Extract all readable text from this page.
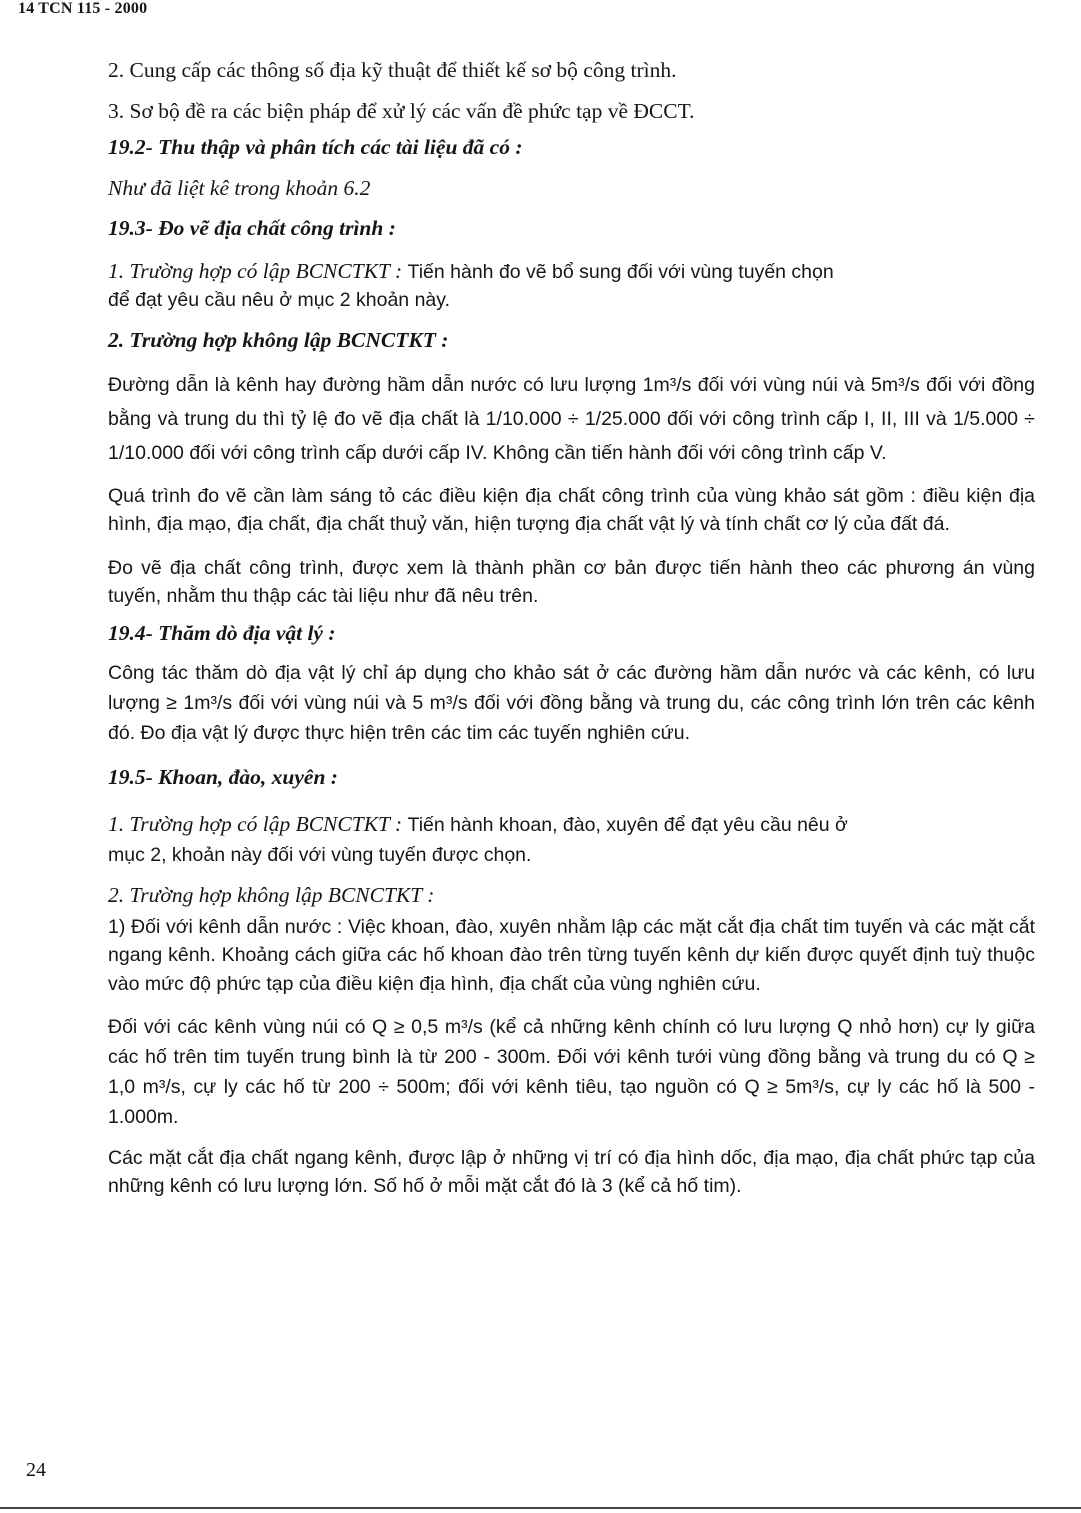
14 TCN 115 - 2000

2. Cung cấp các thông số địa kỹ thuật để thiết kế sơ bộ công trình.

3. Sơ bộ đề ra các biện pháp để xử lý các vấn đề phức tạp về ĐCCT.

19.2- Thu thập và phân tích các tài liệu đã có :

Như đã liệt kê trong khoản 6.2

19.3- Đo vẽ địa chất công trình :

1. Trường hợp có lập BCNCTKT : Tiến hành đo vẽ bổ sung đối với vùng tuyến chọn

để đạt yêu cầu nêu ở mục 2 khoản này.

2. Trường hợp không lập BCNCTKT :

Đường dẫn là kênh hay đường hầm dẫn nước có lưu lượng 1m³/s đối với vùng núi và 5m³/s đối với đồng bằng và trung du thì tỷ lệ đo vẽ địa chất là 1/10.000 ÷ 1/25.000 đối với công trình cấp I, II, III và 1/5.000 ÷ 1/10.000 đối với công trình cấp dưới cấp IV. Không cần tiến hành đối với công trình cấp V.

Quá trình đo vẽ cần làm sáng tỏ các điều kiện địa chất công trình của vùng khảo sát gồm : điều kiện địa hình, địa mạo, địa chất, địa chất thuỷ văn, hiện tượng địa chất vật lý và tính chất cơ lý của đất đá.

Đo vẽ địa chất công trình, được xem là thành phần cơ bản được tiến hành theo các phương án vùng tuyến, nhằm thu thập các tài liệu như đã nêu trên.

19.4- Thăm dò địa vật lý :

Công tác thăm dò địa vật lý chỉ áp dụng cho khảo sát ở các đường hầm dẫn nước và các kênh, có lưu lượng ≥ 1m³/s đối với vùng núi và 5 m³/s đối với đồng bằng và trung du, các công trình lớn trên các kênh đó. Đo địa vật lý được thực hiện trên các tim các tuyến nghiên cứu.

19.5- Khoan, đào, xuyên :

1. Trường hợp có lập BCNCTKT : Tiến hành khoan, đào, xuyên để đạt yêu cầu nêu ở

mục 2, khoản này đối với vùng tuyến được chọn.

2. Trường hợp không lập BCNCTKT :

1) Đối với kênh dẫn nước : Việc khoan, đào, xuyên nhằm lập các mặt cắt địa chất tim tuyến và các mặt cắt ngang kênh. Khoảng cách giữa các hố khoan đào trên từng tuyến kênh dự kiến được quyết định tuỳ thuộc vào mức độ phức tạp của điều kiện địa hình, địa chất của vùng nghiên cứu.

Đối với các kênh vùng núi có Q ≥ 0,5 m³/s (kể cả những kênh chính có lưu lượng Q nhỏ hơn) cự ly giữa các hố trên tim tuyến trung bình là từ 200 - 300m. Đối với kênh tưới vùng đồng bằng và trung du có Q ≥ 1,0 m³/s, cự ly các hố từ 200 ÷ 500m; đối với kênh tiêu, tạo nguồn có Q ≥ 5m³/s, cự ly các hố là 500 - 1.000m.

Các mặt cắt địa chất ngang kênh, được lập ở những vị trí có địa hình dốc, địa mạo, địa chất phức tạp của những kênh có lưu lượng lớn. Số hố ở mỗi mặt cắt đó là 3 (kể cả hố tim).

24
